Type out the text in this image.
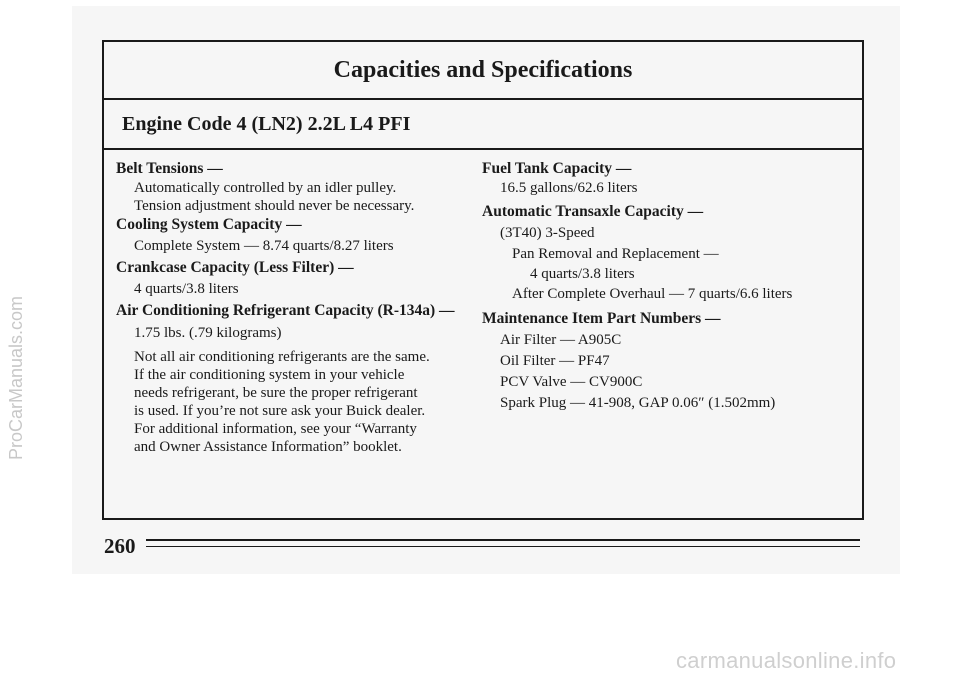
ProCarManuals.com
Capacities and Specifications
Engine Code 4 (LN2) 2.2L L4 PFI
Belt Tensions —
Automatically controlled by an idler pulley.
Tension adjustment should never be necessary.
Cooling System Capacity —
Complete System — 8.74 quarts/8.27 liters
Crankcase Capacity (Less Filter) —
4 quarts/3.8 liters
Air Conditioning Refrigerant Capacity (R-134a) —
1.75 lbs. (.79 kilograms)
Not all air conditioning refrigerants are the same.
If the air conditioning system in your vehicle
needs refrigerant, be sure the proper refrigerant
is used. If you’re not sure ask your Buick dealer.
For additional information, see your “Warranty
and Owner Assistance Information” booklet.
Fuel Tank Capacity —
16.5 gallons/62.6 liters
Automatic Transaxle Capacity —
(3T40) 3-Speed
Pan Removal and Replacement —
4 quarts/3.8 liters
After Complete Overhaul — 7 quarts/6.6 liters
Maintenance Item Part Numbers —
Air Filter — A905C
Oil Filter — PF47
PCV Valve — CV900C
Spark Plug — 41-908, GAP 0.06″ (1.502mm)
260
carmanualsonline.info
